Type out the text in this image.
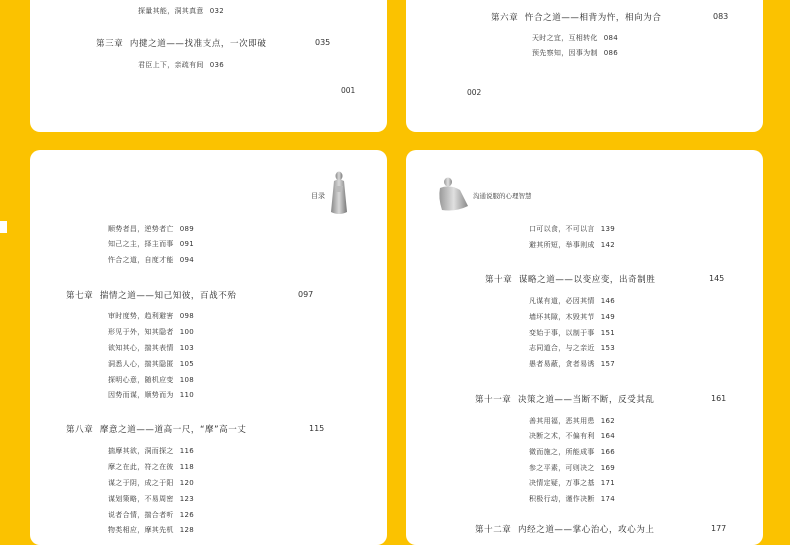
探量其能，洞其真意 032
第三章 内揵之道——找准支点，一次即破	035
君臣上下，亲疏有间 036
001
第六章 忤合之道——相背为忤，相向为合	083
天时之宜，互相转化 084
预先察知，因事为制 086
002
目录
顺势者昌，逆势者亡 089
知己之主，择主而事 091
忤合之道，自度才能 094
第七章 揣情之道——知己知彼，百战不殆	097
审时度势，趋利避害 098
形见于外，知其隐者 100
欲知其心，揣其表情 103
洞悉人心，揣其隐匿 105
探明心意，随机应变 108
因势而谋，顺势而为 110
第八章 摩意之道——道高一尺，“摩”高一丈	115
揣摩其欲，洞而探之 116
摩之在此，符之在彼 118
谋之于阴，成之于阳 120
谋划策略，不易周密 123
说者合情，揣合者听 126
物类相应，摩其先机 128
沟通说服的心理智慧
口可以食，不可以言 139
避其所短，举事则成 142
第十章 谋略之道——以变应变，出奇制胜	145
凡谋有道，必因其情 146
墙坏其隙，木毁其节 149
变始于事，以制于事 151
志同道合，与之亲近 153
愚者易蔽，贪者易诱 157
第十一章 决策之道——当断不断，反受其乱	161
善其用福，恶其用患 162
决断之术，不偏有利 164
微而施之，所能成事 166
参之平素，可则决之 169
决情定疑，万事之基 171
积极行动，谨作决断 174
第十二章 内经之道——掌心治心，攻心为上	177
